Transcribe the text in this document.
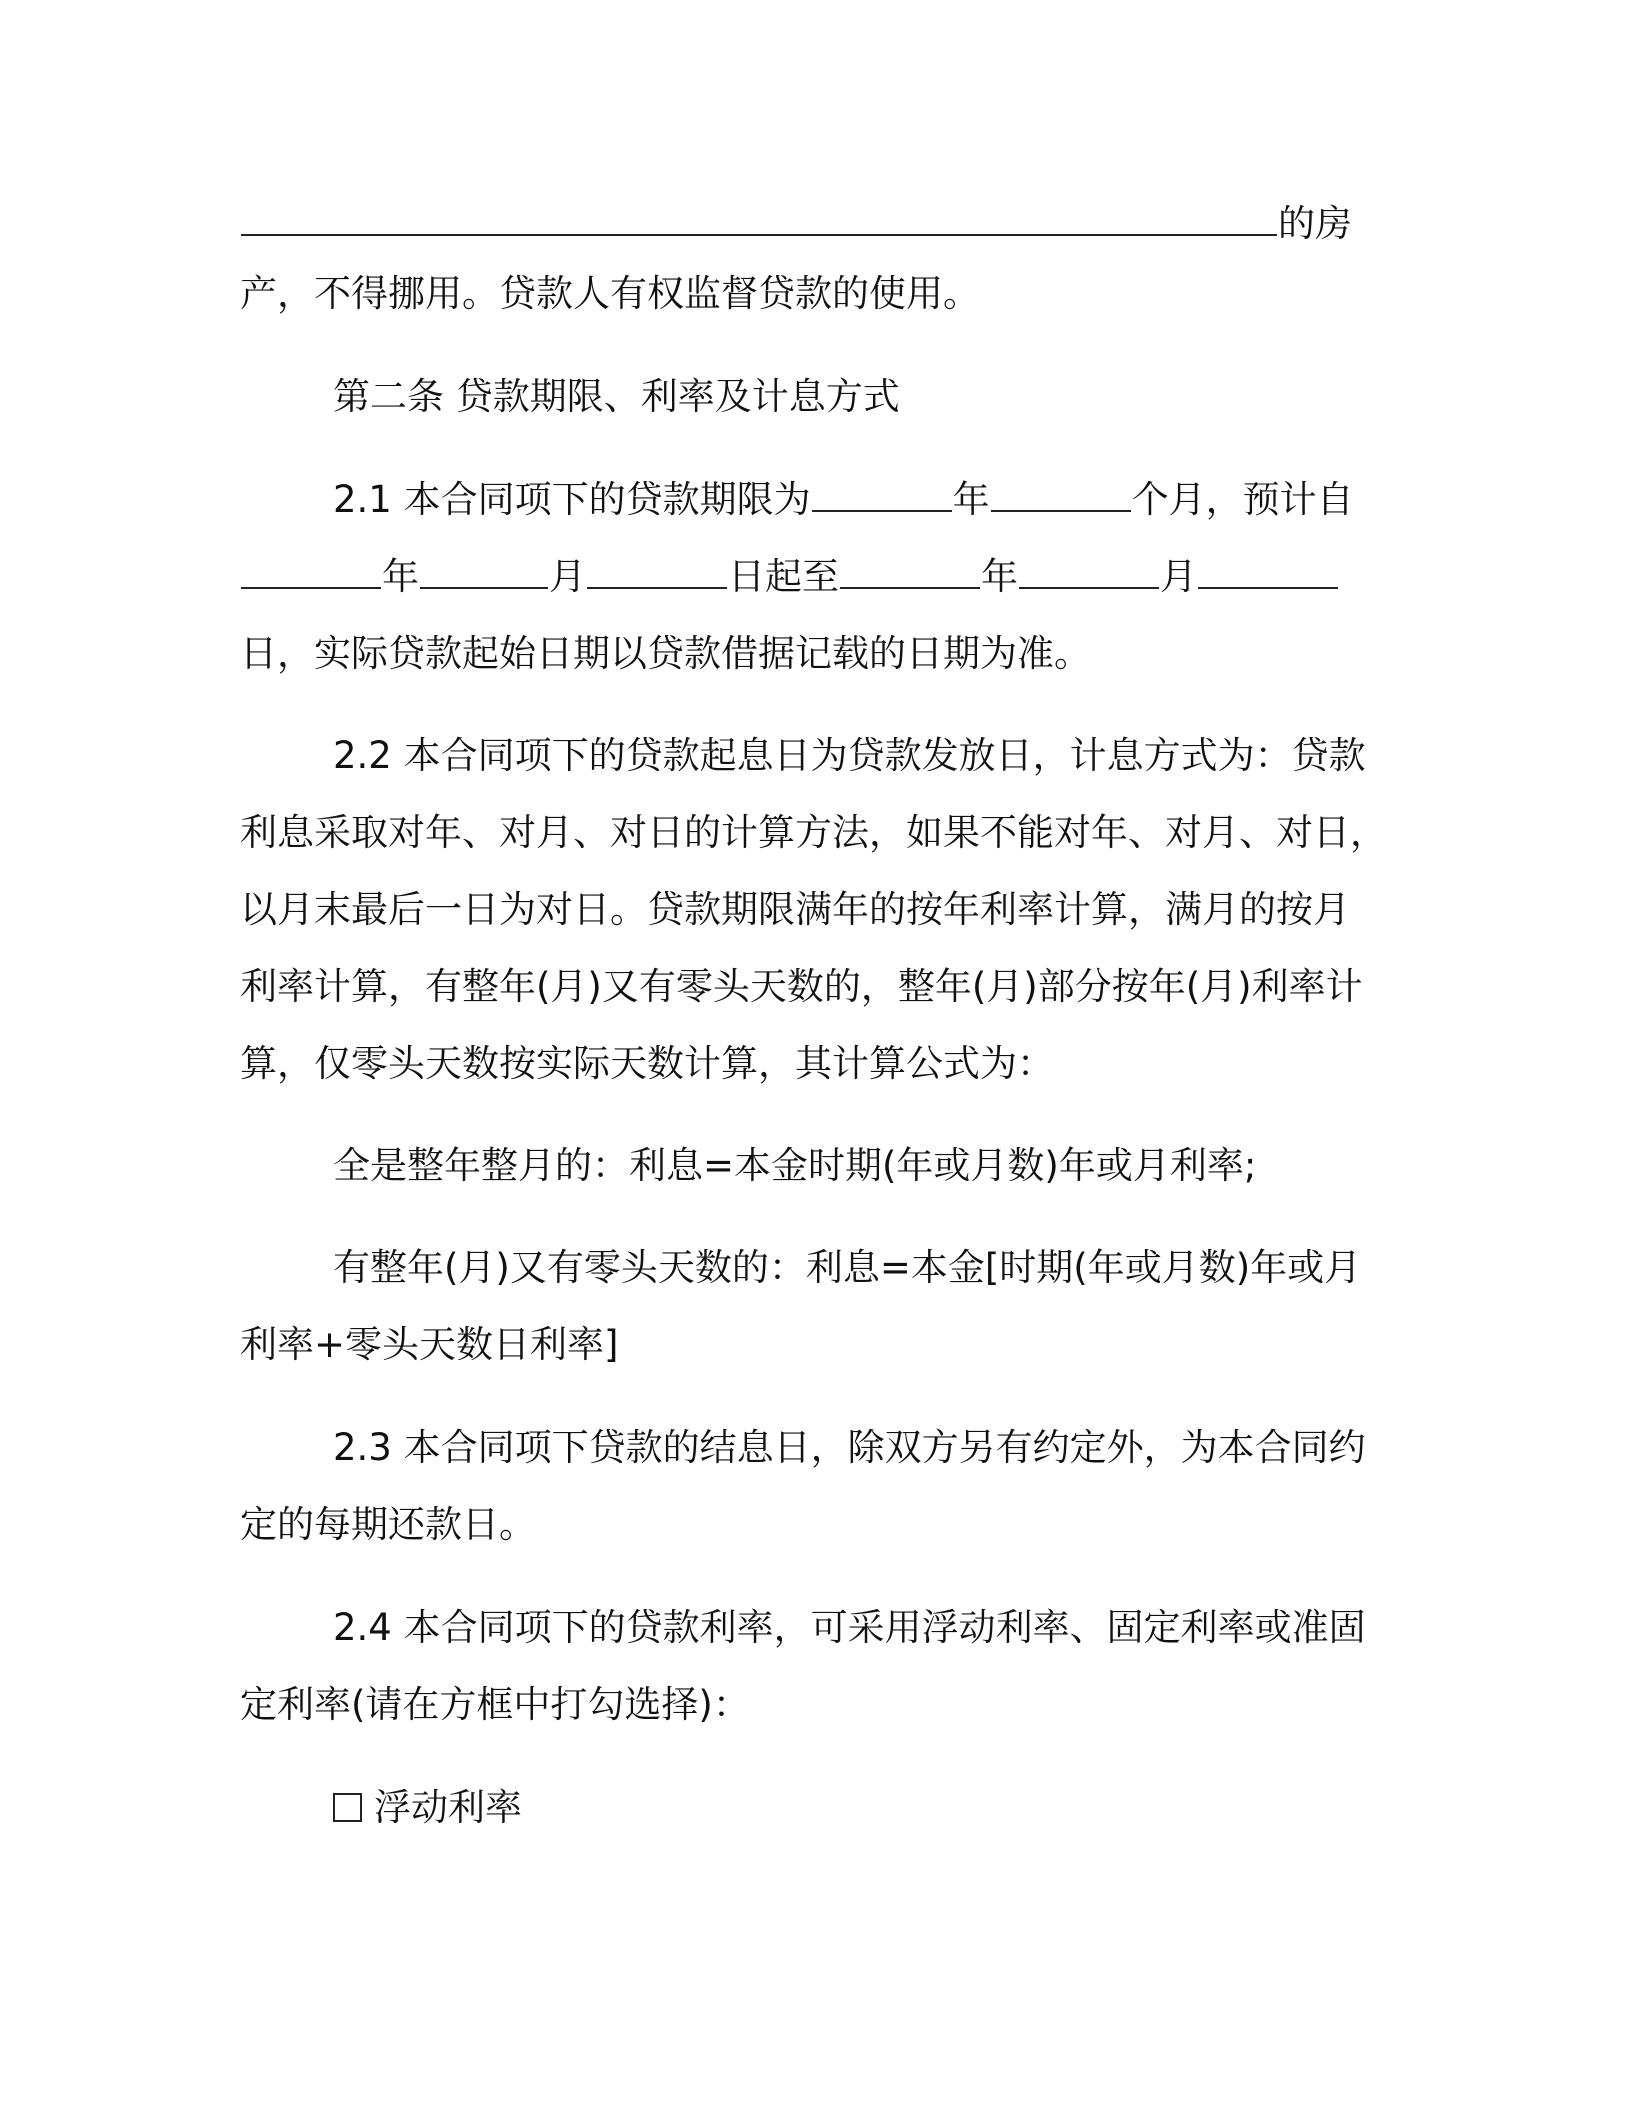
的房
产，不得挪用。贷款人有权监督贷款的使用。
第二条 贷款期限、利率及计息方式
2.1 本合同项下的贷款期限为	年	个月，预计自
年	月	日起至	年	月
日，实际贷款起始日期以贷款借据记载的日期为准。
2.2 本合同项下的贷款起息日为贷款发放日，计息方式为：贷款
利息采取对年、对月、对日的计算方法，如果不能对年、对月、对日，
以月末最后一日为对日。贷款期限满年的按年利率计算，满月的按月
利率计算，有整年(月)又有零头天数的，整年(月)部分按年(月)利率计
算，仅零头天数按实际天数计算，其计算公式为：
全是整年整月的：利息=本金时期(年或月数)年或月利率;
有整年(月)又有零头天数的：利息=本金[时期(年或月数)年或月
利率+零头天数日利率]
2.3 本合同项下贷款的结息日，除双方另有约定外，为本合同约
定的每期还款日。
2.4 本合同项下的贷款利率，可采用浮动利率、固定利率或准固
定利率(请在方框中打勾选择)：
浮动利率
